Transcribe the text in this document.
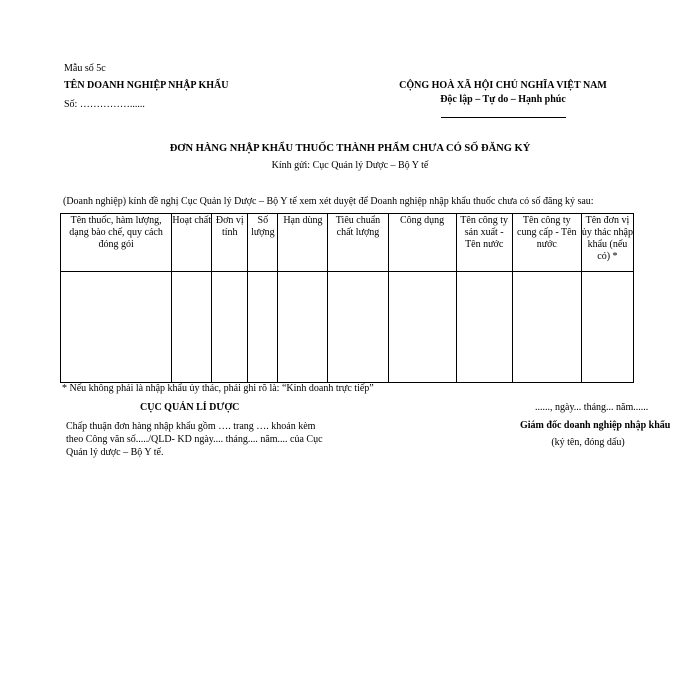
Mẫu số 5c
TÊN DOANH NGHIỆP NHẬP KHẨU
Số: ……………......
CỘNG HOÀ XÃ HỘI CHỦ NGHĨA VIỆT NAM
Độc lập – Tự do – Hạnh phúc
ĐƠN HÀNG NHẬP KHẨU THUỐC THÀNH PHẨM CHƯA CÓ SỐ ĐĂNG KÝ
Kính gửi: Cục Quản lý Dược – Bộ Y tế
(Doanh nghiệp) kính đề nghị Cục Quản lý Dược – Bộ Y tế xem xét duyệt để Doanh nghiệp nhập khẩu thuốc chưa có số đăng ký sau:
Tên thuốc, hàm lượng, dạng bào chế, quy cách đóng gói	Hoạt chất	Đơn vị tính	Số lượng	Hạn dùng	Tiêu chuẩn chất lượng	Công dụng	Tên công ty sản xuất - Tên nước	Tên công ty cung cấp - Tên nước	Tên đơn vị ủy thác nhập khẩu (nếu có) *

* Nếu không phải là nhập khẩu ủy thác, phải ghi rõ là: “Kinh doanh trực tiếp”
CỤC QUẢN LÍ DƯỢC
Chấp thuận đơn hàng nhập khẩu gồm …. trang …. khoản kèm theo Công văn số...../QLD- KD ngày.... tháng.... năm.... của Cục Quản lý dược – Bộ Y tế.
......, ngày... tháng... năm......
Giám đốc doanh nghiệp nhập khẩu
(ký tên, đóng dấu)
